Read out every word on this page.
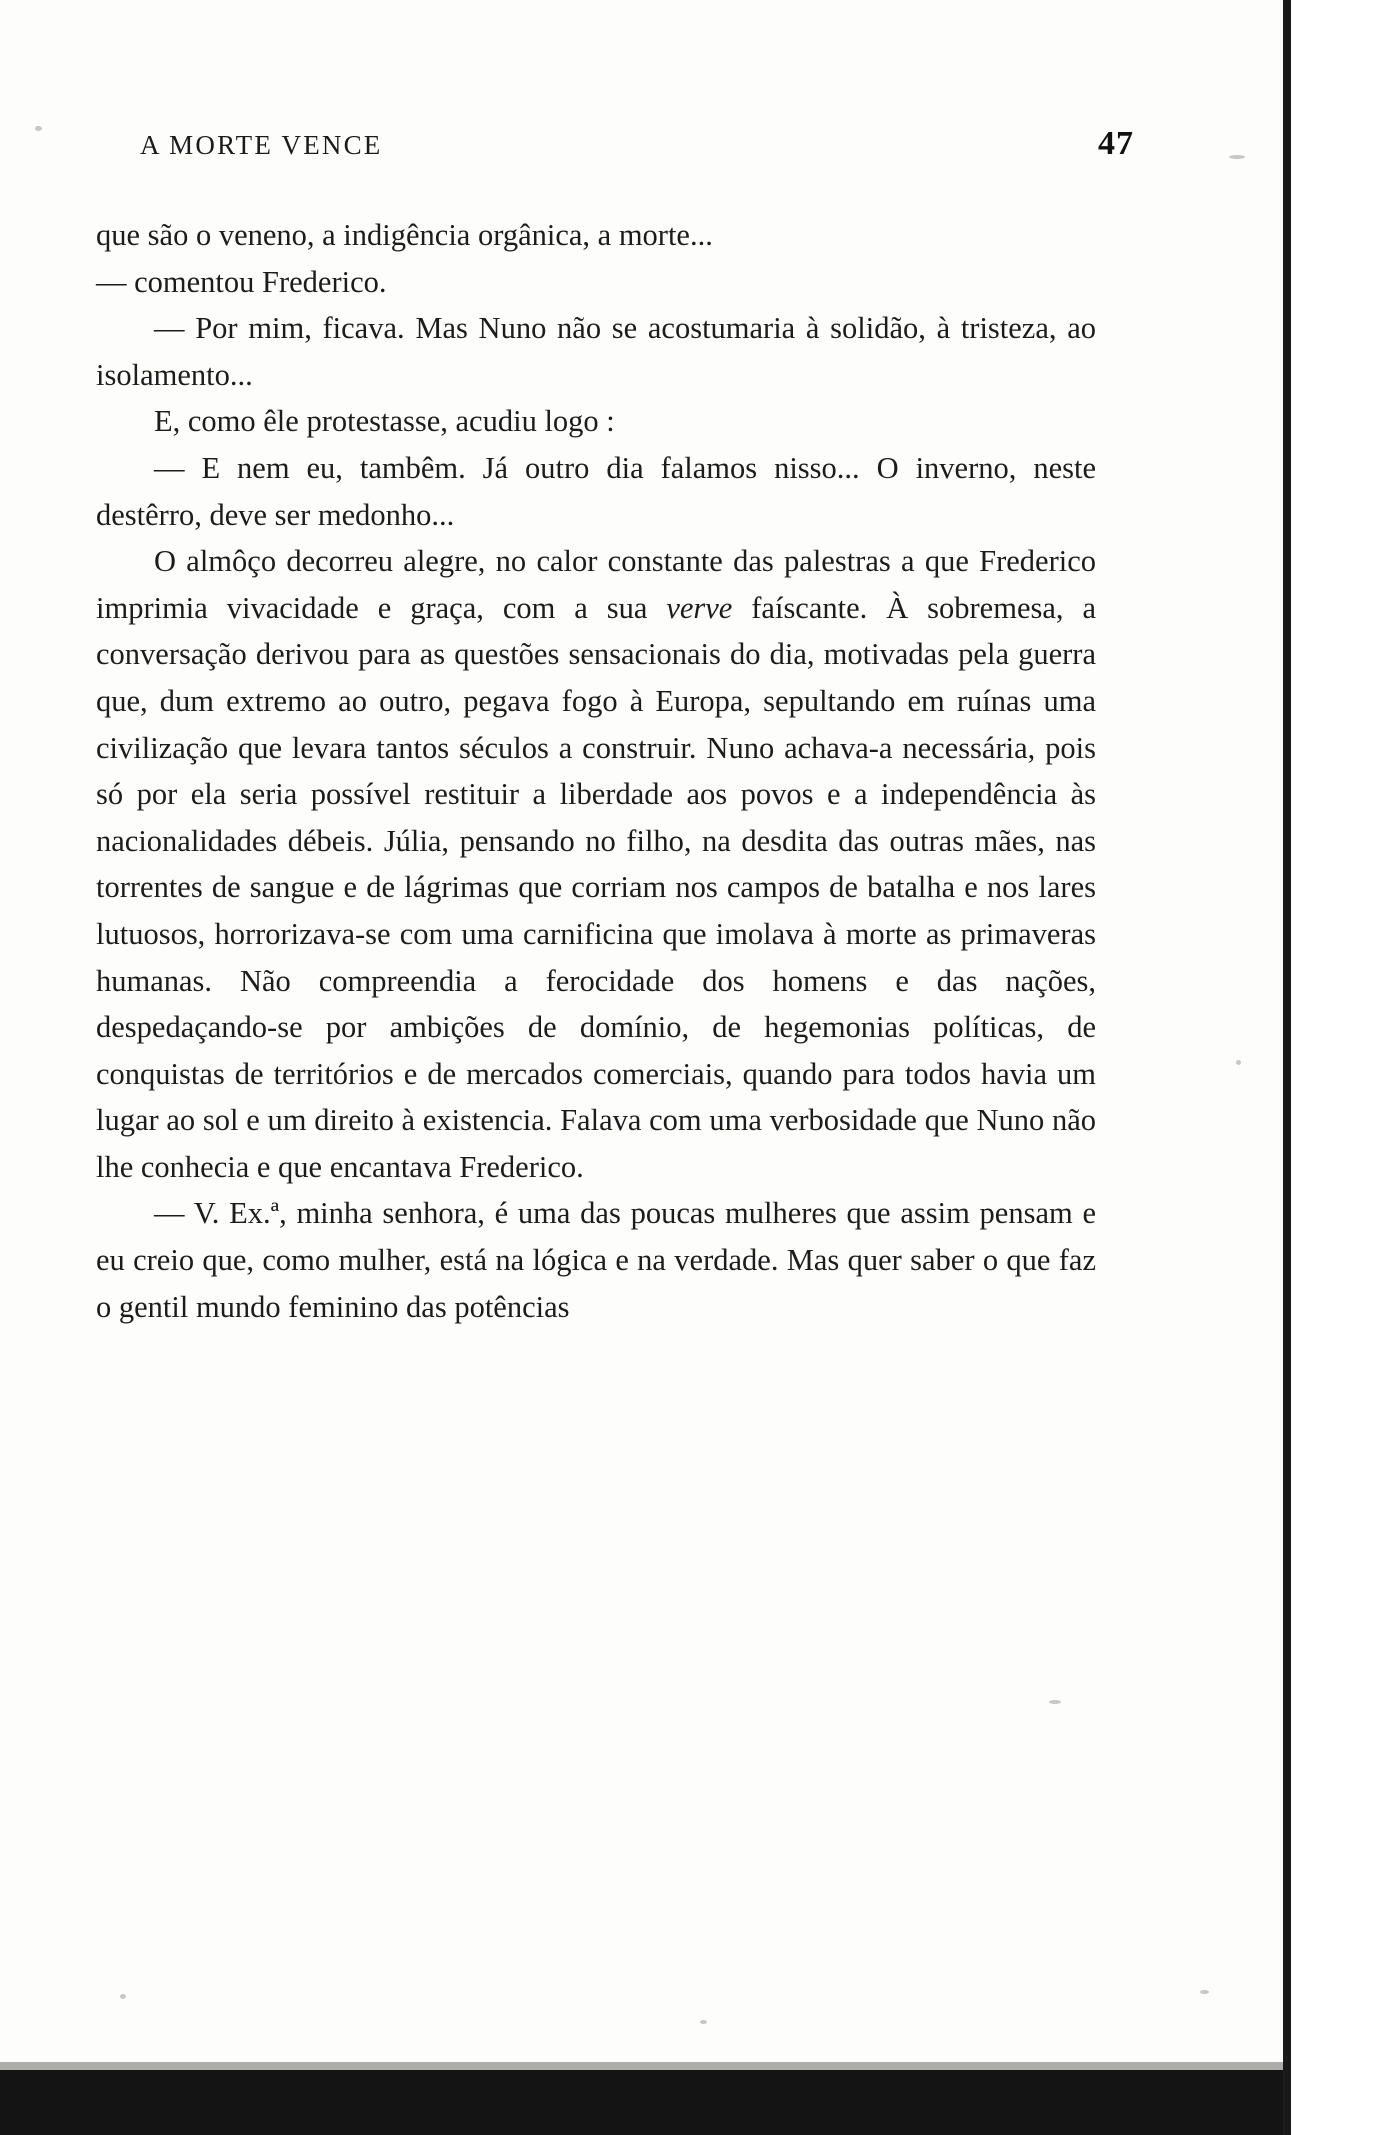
A MORTE VENCE	47

que são o veneno, a indigência orgânica, a morte...
— comentou Frederico.

— Por mim, ficava. Mas Nuno não se acostumaria à solidão, à tristeza, ao isolamento...

E, como êle protestasse, acudiu logo :

— E nem eu, tambêm. Já outro dia falamos nisso... O inverno, neste destêrro, deve ser medonho...

O almôço decorreu alegre, no calor constante das palestras a que Frederico imprimia vivacidade e graça, com a sua verve faíscante. À sobremesa, a conversação derivou para as questões sensacionais do dia, motivadas pela guerra que, dum extremo ao outro, pegava fogo à Europa, sepultando em ruínas uma civilização que levara tantos séculos a construir. Nuno achava-a necessária, pois só por ela seria possível restituir a liberdade aos povos e a independência às nacionalidades débeis. Júlia, pensando no filho, na desdita das outras mães, nas torrentes de sangue e de lágrimas que corriam nos campos de batalha e nos lares lutuosos, horrorizava-se com uma carnificina que imolava à morte as primaveras humanas. Não compreendia a ferocidade dos homens e das nações, despedaçando-se por ambições de domínio, de hegemonias políticas, de conquistas de territórios e de mercados comerciais, quando para todos havia um lugar ao sol e um direito à existencia. Falava com uma verbosidade que Nuno não lhe conhecia e que encantava Frederico.

— V. Ex.ª, minha senhora, é uma das poucas mulheres que assim pensam e eu creio que, como mulher, está na lógica e na verdade. Mas quer saber o que faz o gentil mundo feminino das potências
